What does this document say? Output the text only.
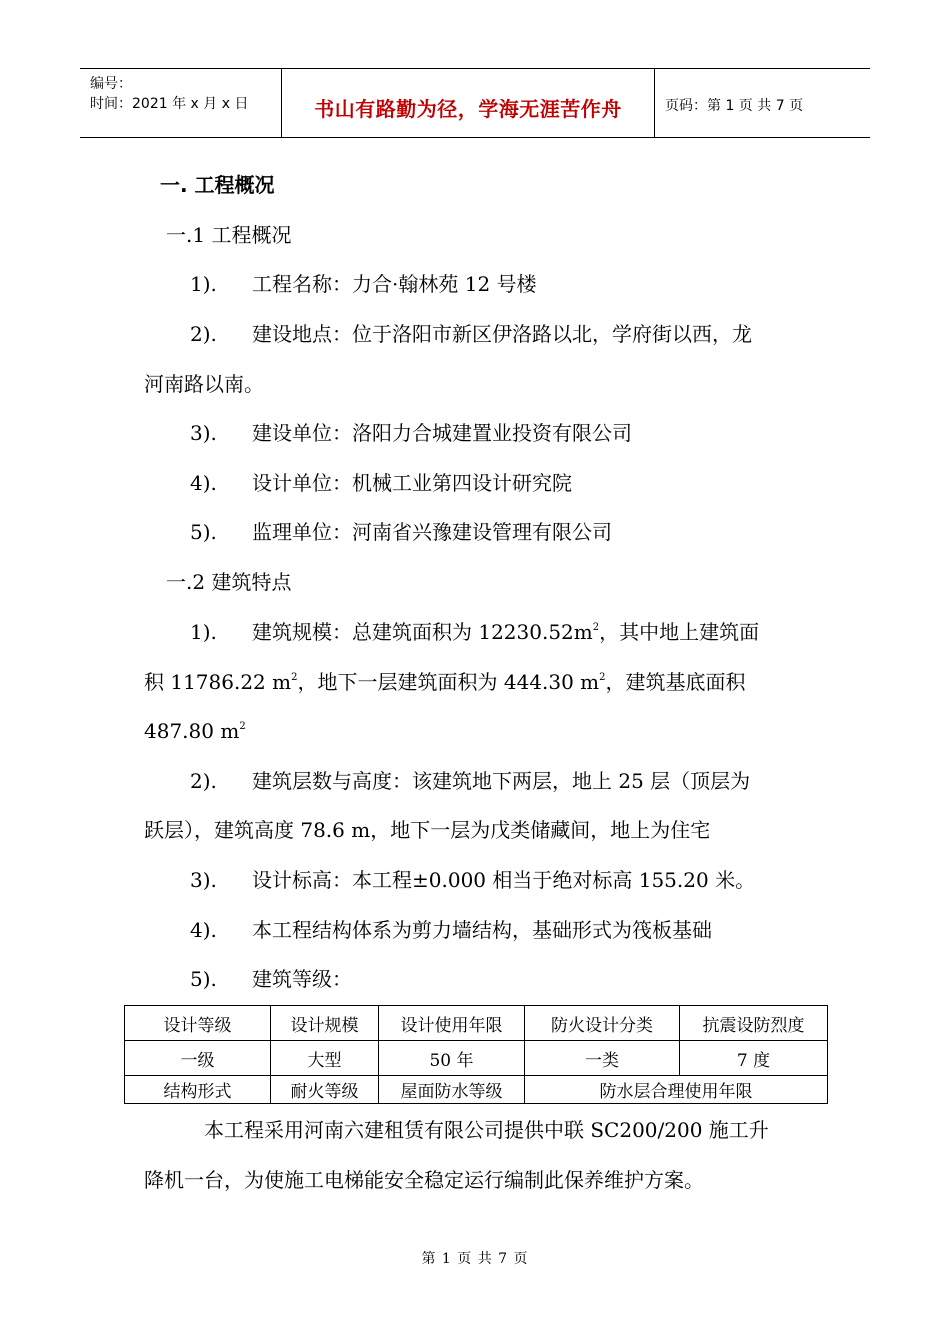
编号：
时间：2021 年 x 月 x 日	书山有路勤为径，学海无涯苦作舟	页码：第 1 页 共 7 页
一. 工程概况
一.1 工程概况
1). 工程名称：力合·翰林苑 12 号楼
2). 建设地点：位于洛阳市新区伊洛路以北，学府街以西，龙
河南路以南。
3). 建设单位：洛阳力合城建置业投资有限公司
4). 设计单位：机械工业第四设计研究院
5). 监理单位：河南省兴豫建设管理有限公司
一.2 建筑特点
1). 建筑规模：总建筑面积为 $12230.52m^2$，其中地上建筑面
积 11786.22 $m^2$，地下一层建筑面积为 444.30 $m^2$，建筑基底面积
487.80 $m^2$
2). 建筑层数与高度：该建筑地下两层，地上 25 层（顶层为
跃层），建筑高度 78.6 m，地下一层为戊类储藏间，地上为住宅
3). 设计标高：本工程±0.000 相当于绝对标高 155.20 米。
4). 本工程结构体系为剪力墙结构，基础形式为筏板基础
5). 建筑等级：
设计等级	设计规模	设计使用年限	防火设计分类	抗震设防烈度
一级	大型	50 年	一类	7 度
结构形式	耐火等级	屋面防水等级	防水层合理使用年限	
本工程采用河南六建租赁有限公司提供中联 SC200/200 施工升
降机一台，为使施工电梯能安全稳定运行编制此保养维护方案。
第 1 页 共 7 页
